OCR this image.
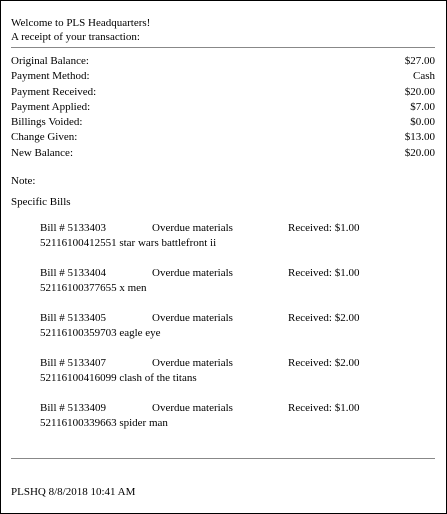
Welcome to PLS Headquarters!
A receipt of your transaction:
Original Balance:	$27.00
Payment Method:	Cash
Payment Received:	$20.00
Payment Applied:	$7.00
Billings Voided:	$0.00
Change Given:	$13.00
New Balance:	$20.00
Note:
Specific Bills
Bill # 5133403	Overdue materials	Received: $1.00
52116100412551 star wars battlefront ii
Bill # 5133404	Overdue materials	Received: $1.00
52116100377655 x men
Bill # 5133405	Overdue materials	Received: $2.00
52116100359703 eagle eye
Bill # 5133407	Overdue materials	Received: $2.00
52116100416099 clash of the titans
Bill # 5133409	Overdue materials	Received: $1.00
52116100339663 spider man
PLSHQ 8/8/2018 10:41 AM
